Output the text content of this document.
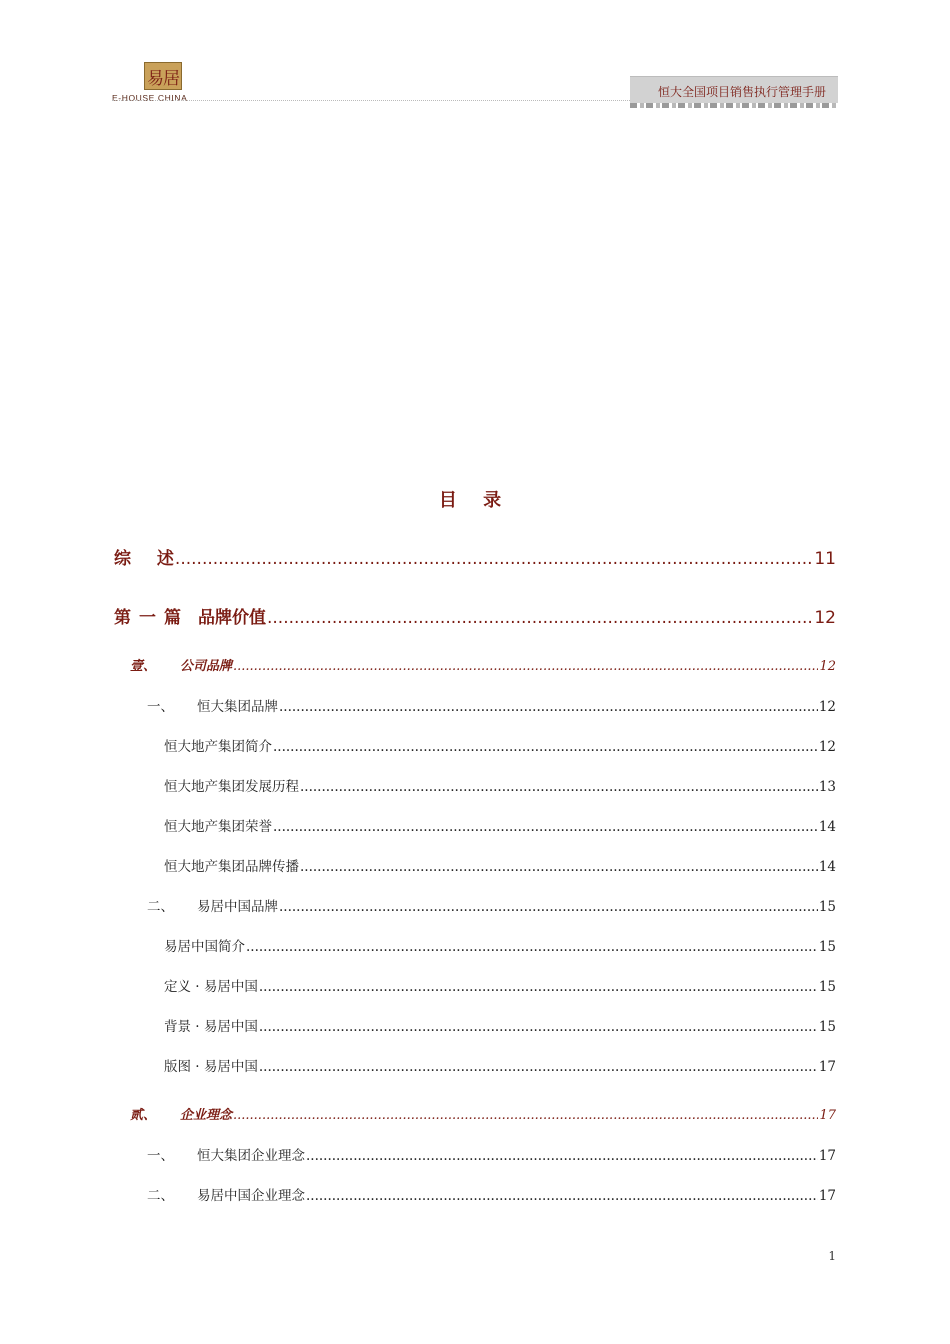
易居
E-HOUSE CHINA	恒大全国项目销售执行管理手册
目 录
综 述 .....	11
第一篇 品牌价值 .....	12
壹、	公司品牌 .....	12
一、	恒大集团品牌 .....	12
恒大地产集团简介 .....	12
恒大地产集团发展历程 .....	13
恒大地产集团荣誉 .....	14
恒大地产集团品牌传播 .....	14
二、	易居中国品牌 .....	15
易居中国简介 .....	15
定义 · 易居中国 .....	15
背景 · 易居中国 .....	15
版图 · 易居中国 .....	17
贰、	企业理念 .....	17
一、	恒大集团企业理念 .....	17
二、	易居中国企业理念 .....	17
1
